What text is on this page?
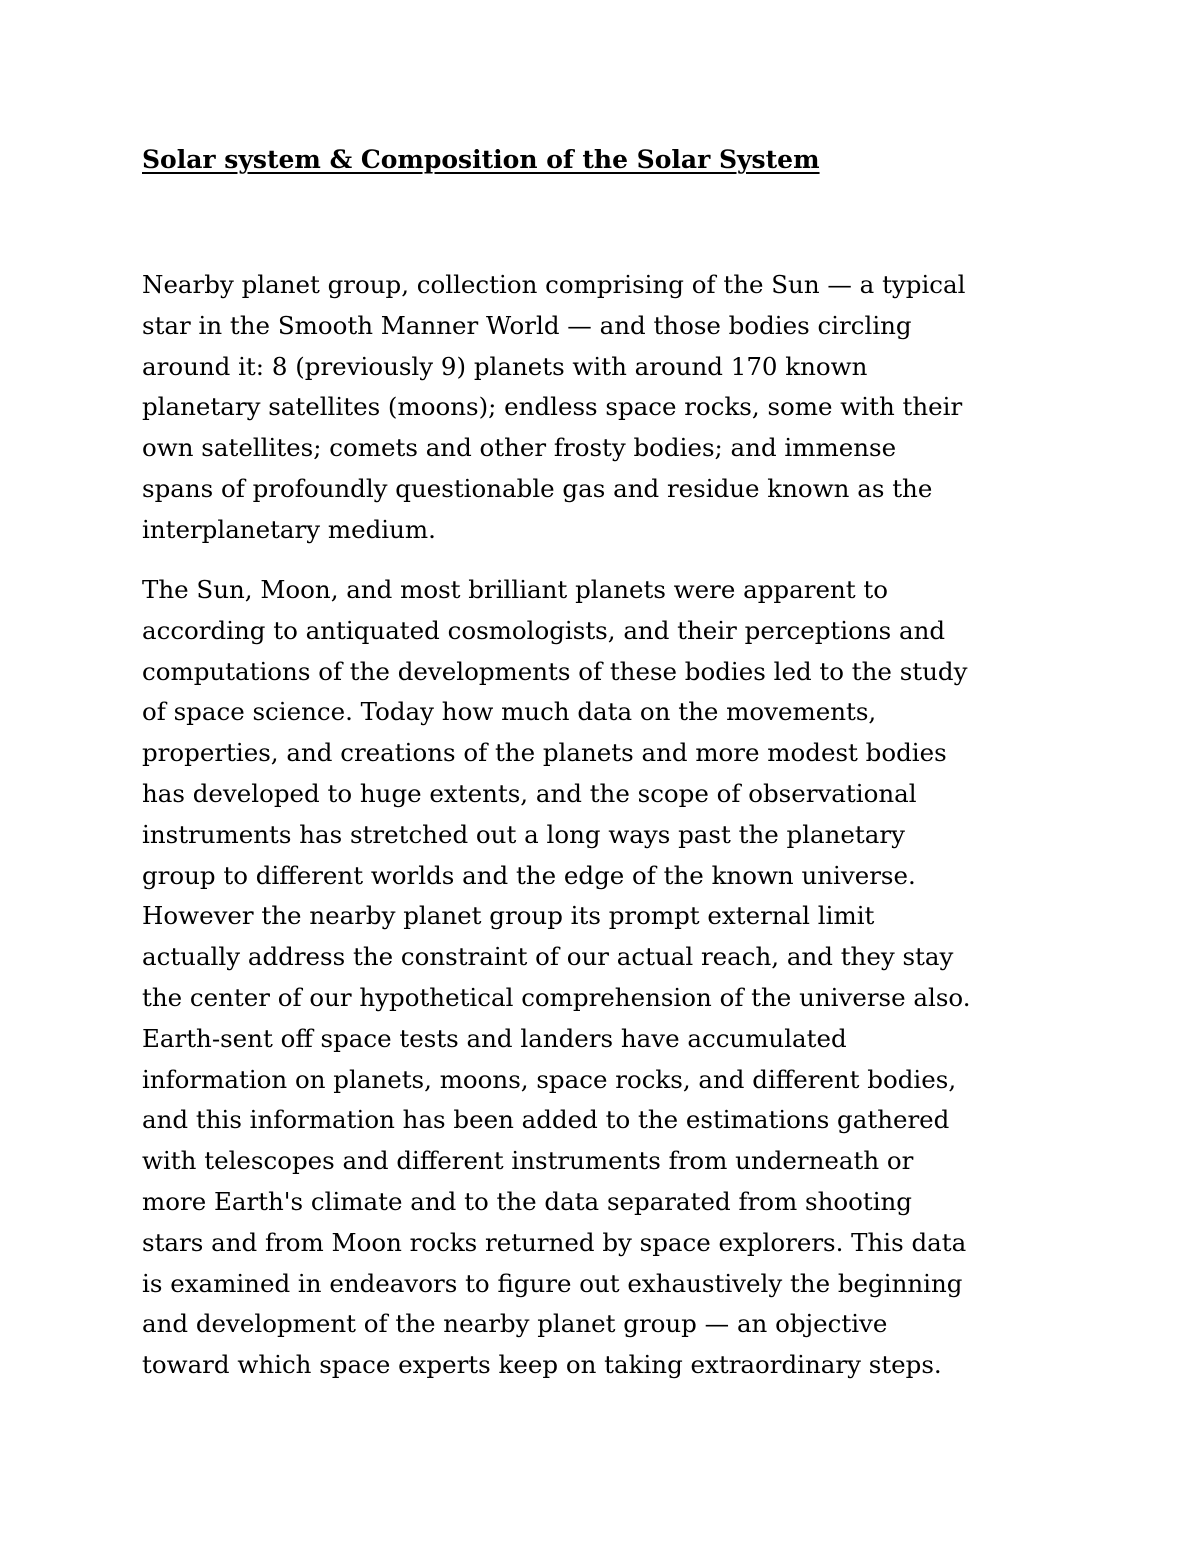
Solar system & Composition of the Solar System

Nearby planet group, collection comprising of the Sun — a typical
star in the Smooth Manner World — and those bodies circling
around it: 8 (previously 9) planets with around 170 known
planetary satellites (moons); endless space rocks, some with their
own satellites; comets and other frosty bodies; and immense
spans of profoundly questionable gas and residue known as the
interplanetary medium.

The Sun, Moon, and most brilliant planets were apparent to
according to antiquated cosmologists, and their perceptions and
computations of the developments of these bodies led to the study
of space science. Today how much data on the movements,
properties, and creations of the planets and more modest bodies
has developed to huge extents, and the scope of observational
instruments has stretched out a long ways past the planetary
group to different worlds and the edge of the known universe.
However the nearby planet group its prompt external limit
actually address the constraint of our actual reach, and they stay
the center of our hypothetical comprehension of the universe also.
Earth-sent off space tests and landers have accumulated
information on planets, moons, space rocks, and different bodies,
and this information has been added to the estimations gathered
with telescopes and different instruments from underneath or
more Earth's climate and to the data separated from shooting
stars and from Moon rocks returned by space explorers. This data
is examined in endeavors to figure out exhaustively the beginning
and development of the nearby planet group — an objective
toward which space experts keep on taking extraordinary steps.
